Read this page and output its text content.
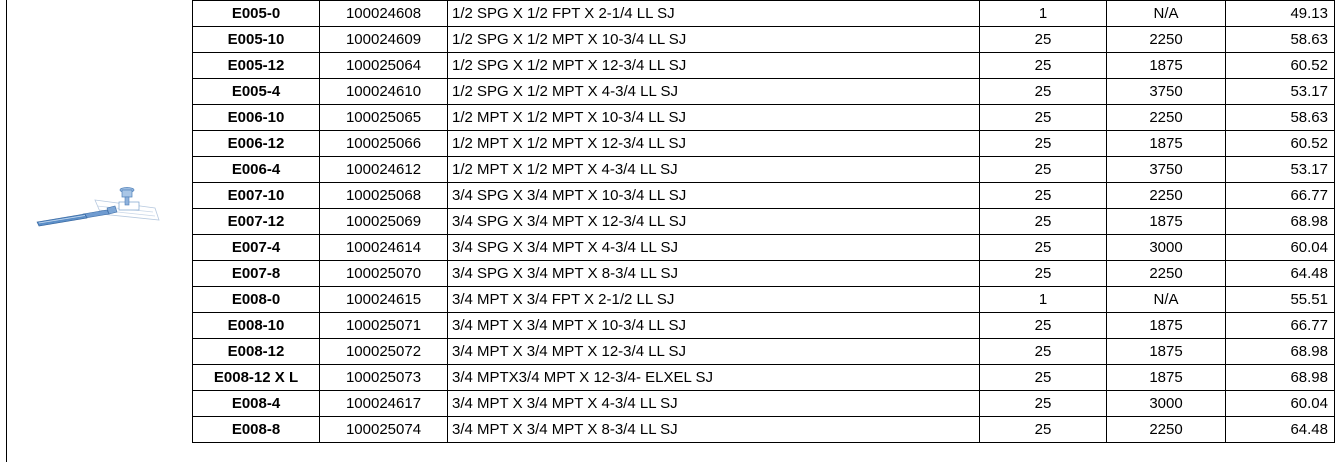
E005-0	100024608	1/2 SPG X 1/2 FPT X 2-1/4 LL SJ	1	N/A	49.13
E005-10	100024609	1/2 SPG X 1/2 MPT X 10-3/4 LL SJ	25	2250	58.63
E005-12	100025064	1/2 SPG X 1/2 MPT X 12-3/4 LL SJ	25	1875	60.52
E005-4	100024610	1/2 SPG X 1/2 MPT X 4-3/4 LL SJ	25	3750	53.17
E006-10	100025065	1/2 MPT X 1/2 MPT X 10-3/4 LL SJ	25	2250	58.63
E006-12	100025066	1/2 MPT X 1/2 MPT X 12-3/4 LL SJ	25	1875	60.52
E006-4	100024612	1/2 MPT X 1/2 MPT X 4-3/4 LL SJ	25	3750	53.17
E007-10	100025068	3/4 SPG X 3/4 MPT X 10-3/4 LL SJ	25	2250	66.77
E007-12	100025069	3/4 SPG X 3/4 MPT X 12-3/4 LL SJ	25	1875	68.98
E007-4	100024614	3/4 SPG X 3/4 MPT X 4-3/4 LL SJ	25	3000	60.04
E007-8	100025070	3/4 SPG X 3/4 MPT X 8-3/4 LL SJ	25	2250	64.48
E008-0	100024615	3/4 MPT X 3/4 FPT X 2-1/2 LL SJ	1	N/A	55.51
E008-10	100025071	3/4 MPT X 3/4 MPT X 10-3/4 LL SJ	25	1875	66.77
E008-12	100025072	3/4 MPT X 3/4 MPT X 12-3/4 LL SJ	25	1875	68.98
E008-12 X L	100025073	3/4 MPTX3/4 MPT X 12-3/4- ELXEL SJ	25	1875	68.98
E008-4	100024617	3/4 MPT X 3/4 MPT X 4-3/4 LL SJ	25	3000	60.04
E008-8	100025074	3/4 MPT X 3/4 MPT X 8-3/4 LL SJ	25	2250	64.48
